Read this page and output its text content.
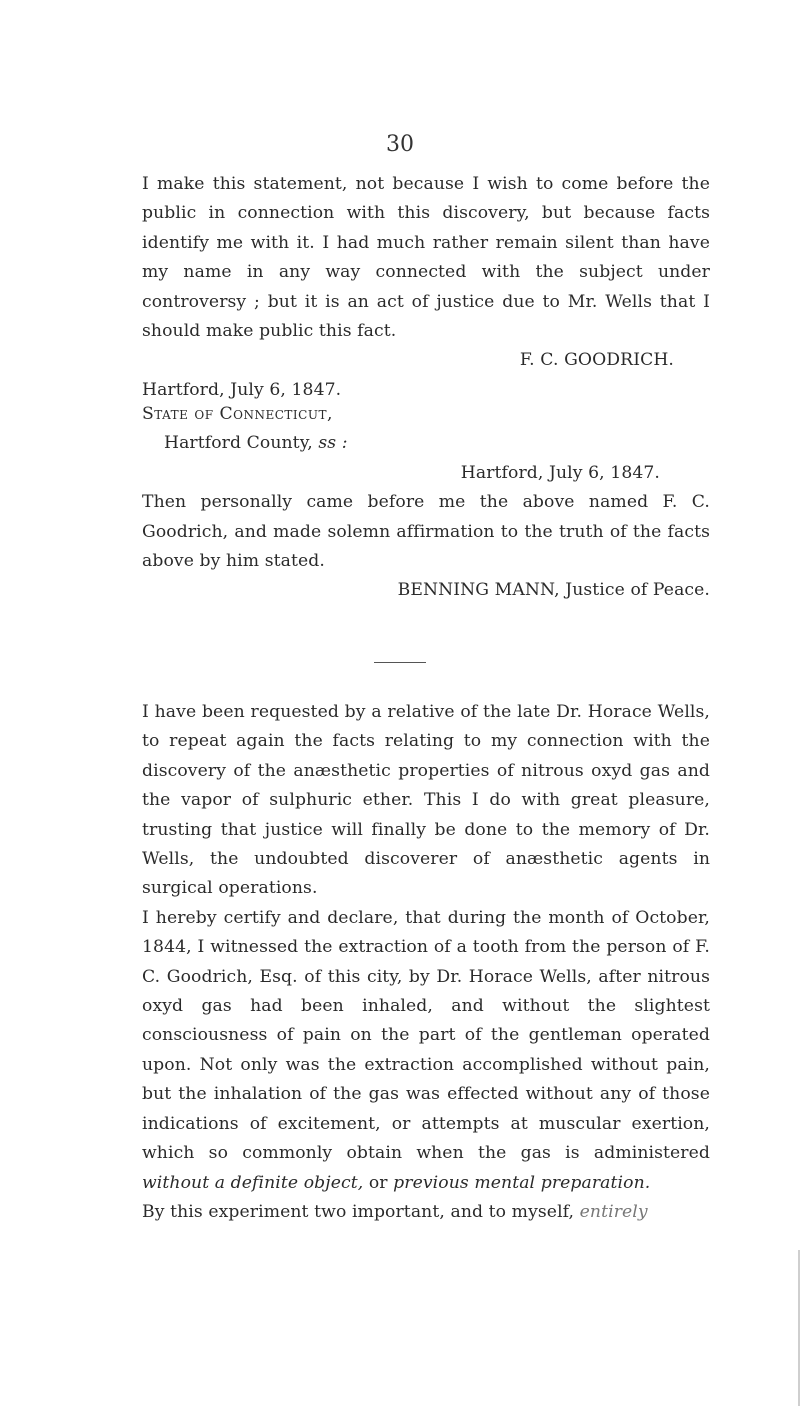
30

I make this statement, not because I wish to come before the public in connection with this discovery, but because facts identify me with it. I had much rather remain silent than have my name in any way connected with the subject under controversy ; but it is an act of justice due to Mr. Wells that I should make public this fact.

F. C. GOODRICH.

Hartford, July 6, 1847.

State of Connecticut,

Hartford County, ss :

Hartford, July 6, 1847.

Then personally came before me the above named F. C. Goodrich, and made solemn affirmation to the truth of the facts above by him stated.

BENNING MANN, Justice of Peace.

I have been requested by a relative of the late Dr. Horace Wells, to repeat again the facts relating to my connection with the discovery of the anæsthetic properties of nitrous oxyd gas and the vapor of sulphuric ether. This I do with great pleasure, trusting that justice will finally be done to the memory of Dr. Wells, the undoubted discoverer of anæsthetic agents in surgical operations.

I hereby certify and declare, that during the month of October, 1844, I witnessed the extraction of a tooth from the person of F. C. Goodrich, Esq. of this city, by Dr. Horace Wells, after nitrous oxyd gas had been inhaled, and without the slightest consciousness of pain on the part of the gentleman operated upon. Not only was the extraction accomplished without pain, but the inhalation of the gas was effected without any of those indications of excitement, or attempts at muscular exertion, which so commonly obtain when the gas is administered without a definite object, or previous mental preparation.

By this experiment two important, and to myself, entirely
